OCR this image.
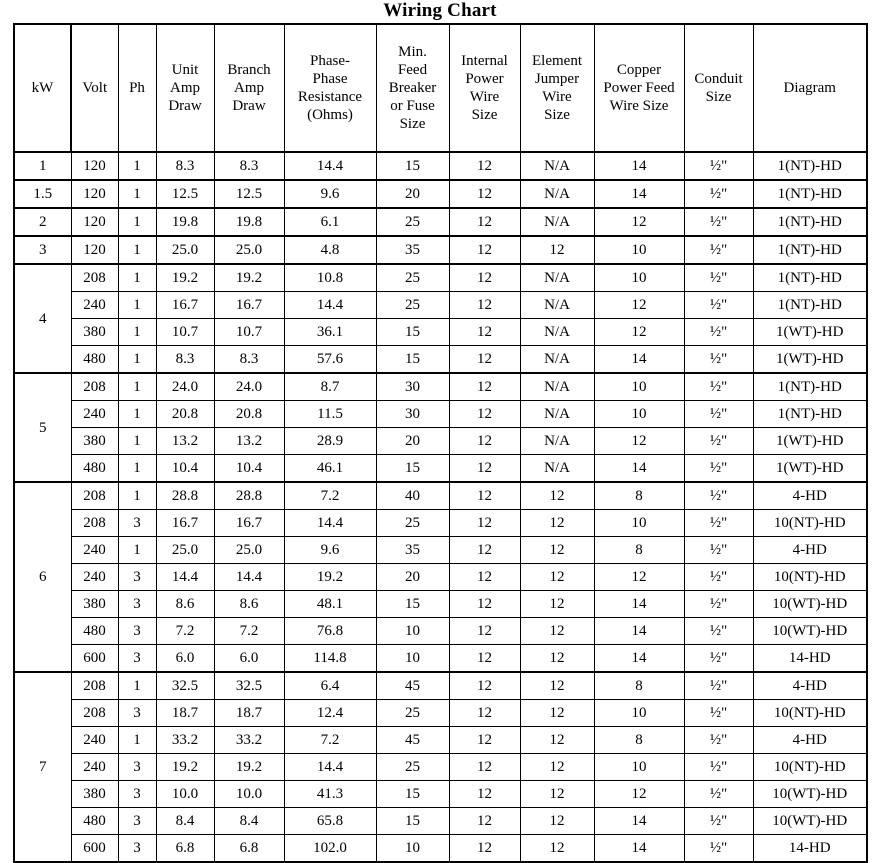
Wiring Chart
kW	Volt	Ph	Unit
Amp
Draw	Branch
Amp
Draw	Phase-
Phase
Resistance
(Ohms)	Min.
Feed
Breaker
or Fuse
Size	Internal
Power
Wire
Size	Element
Jumper
Wire
Size	Copper
Power Feed
Wire Size	Conduit
Size	Diagram

1	120	1	8.3	8.3	14.4	15	12	N/A	14	½"	1(NT)-HD
1.5	120	1	12.5	12.5	9.6	20	12	N/A	14	½"	1(NT)-HD
2	120	1	19.8	19.8	6.1	25	12	N/A	12	½"	1(NT)-HD
3	120	1	25.0	25.0	4.8	35	12	12	10	½"	1(NT)-HD
4	208	1	19.2	19.2	10.8	25	12	N/A	10	½"	1(NT)-HD
	240	1	16.7	16.7	14.4	25	12	N/A	12	½"	1(NT)-HD
	380	1	10.7	10.7	36.1	15	12	N/A	12	½"	1(WT)-HD
	480	1	8.3	8.3	57.6	15	12	N/A	14	½"	1(WT)-HD
5	208	1	24.0	24.0	8.7	30	12	N/A	10	½"	1(NT)-HD
	240	1	20.8	20.8	11.5	30	12	N/A	10	½"	1(NT)-HD
	380	1	13.2	13.2	28.9	20	12	N/A	12	½"	1(WT)-HD
	480	1	10.4	10.4	46.1	15	12	N/A	14	½"	1(WT)-HD
6	208	1	28.8	28.8	7.2	40	12	12	8	½"	4-HD
	208	3	16.7	16.7	14.4	25	12	12	10	½"	10(NT)-HD
	240	1	25.0	25.0	9.6	35	12	12	8	½"	4-HD
	240	3	14.4	14.4	19.2	20	12	12	12	½"	10(NT)-HD
	380	3	8.6	8.6	48.1	15	12	12	14	½"	10(WT)-HD
	480	3	7.2	7.2	76.8	10	12	12	14	½"	10(WT)-HD
	600	3	6.0	6.0	114.8	10	12	12	14	½"	14-HD
7	208	1	32.5	32.5	6.4	45	12	12	8	½"	4-HD
	208	3	18.7	18.7	12.4	25	12	12	10	½"	10(NT)-HD
	240	1	33.2	33.2	7.2	45	12	12	8	½"	4-HD
	240	3	19.2	19.2	14.4	25	12	12	10	½"	10(NT)-HD
	380	3	10.0	10.0	41.3	15	12	12	12	½"	10(WT)-HD
	480	3	8.4	8.4	65.8	15	12	12	14	½"	10(WT)-HD
	600	3	6.8	6.8	102.0	10	12	12	14	½"	14-HD
